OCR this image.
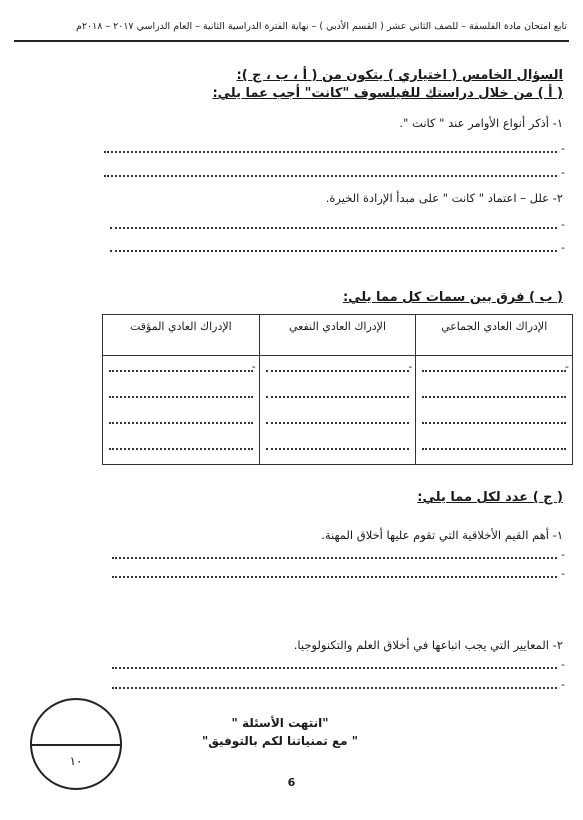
تابع امتحان مادة الفلسفة – للصف الثاني عشر ( القسم الأدبي ) – نهاية الفترة الدراسية الثانية – العام الدراسي ٢٠١٧ – ٢٠١٨م
السؤال الخامس ( اختياري ) يتكون من ( أ ، ب ، ج ):
( أ ) من خلال دراستك للفيلسوف "كانت" أجب عما يلي:
١- أذكر أنواع الأوامر عند " كانت ".
-
-
٢- علل – اعتماد " كانت " على مبدأ الإرادة الخيرة.
-
-
( ب ) فرق بين سمات كل مما يلي:
الإدراك العادي الجماعي	الإدراك العادي النفعي	الإدراك العادي المؤقت

-	-	-
( ج ) عدد لكل مما يلي:
١- أهم القيم الأخلاقية التي تقوم عليها أخلاق المهنة.
-
-
٢- المعايير التي يجب اتباعها في أخلاق العلم والتكنولوجيا.
-
-
"انتهت الأسئلة "
" مع تمنياتنا لكم بالتوفيق"
١٠
6
